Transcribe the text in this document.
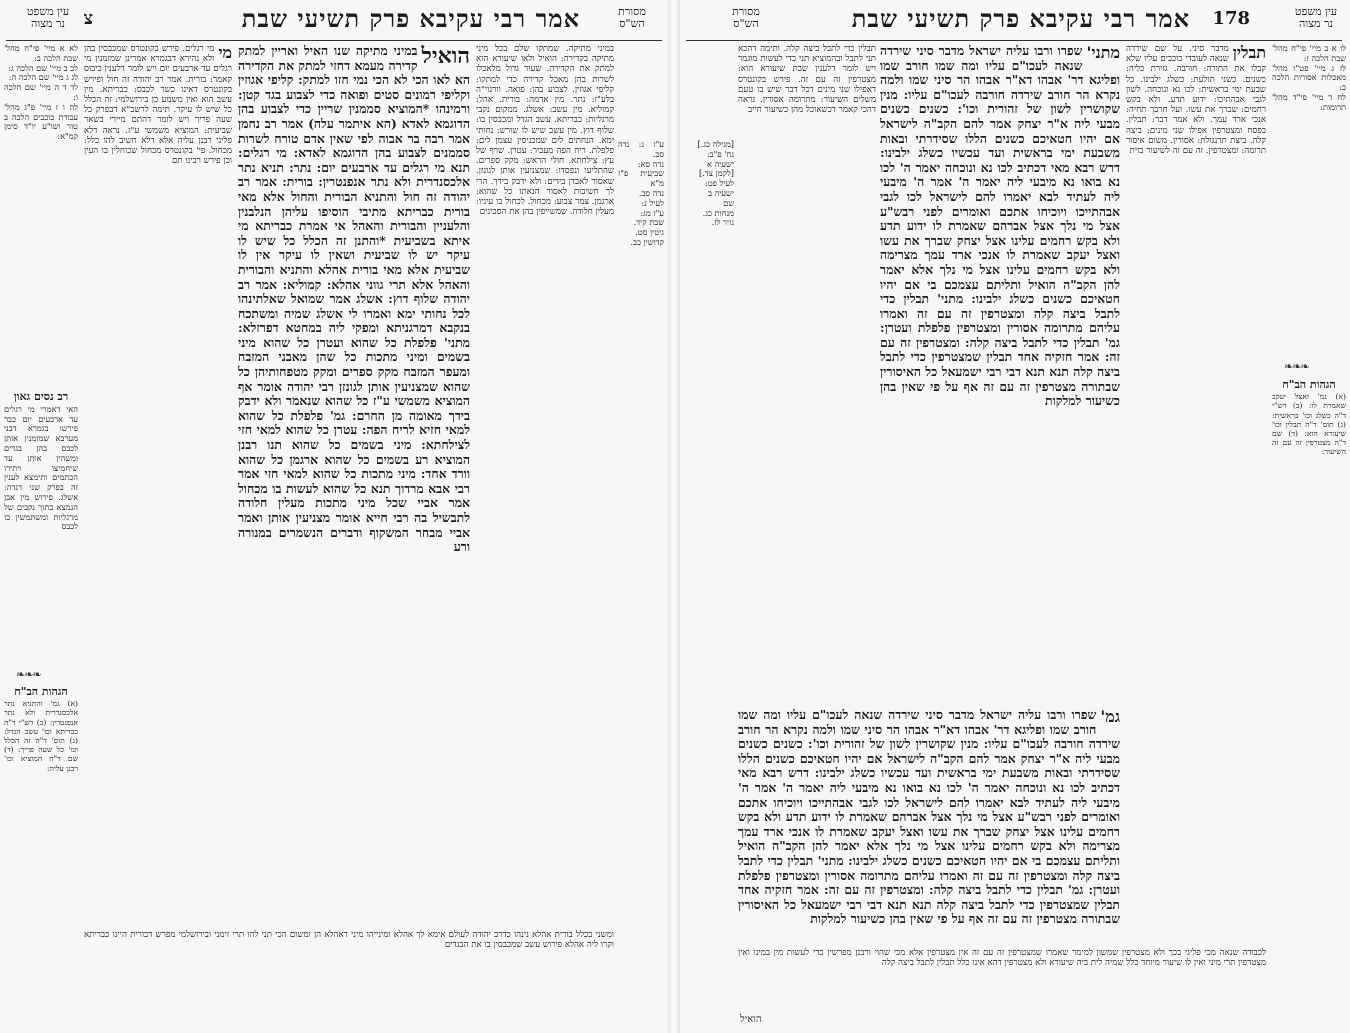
עין משפט
נר מצוה	צ	אמר רבי עקיבא פרק תשיעי שבת	מסורת
הש"ס

לא א מיי' פי"ח מהל' שבת הלכה ב:
לב ב מיי' שם הלכה ג:
לג ג מיי' שם הלכה ה:
לד ד ה מיי' שם הלכה ו:
לה ו ז מיי' פ"ג מהל' עבודת כוכבים הלכה ב טור ושו"ע יו"ד סימן קמ"א:

רב נסים גאון

האי דאמרי מי רגלים עד ארבעים יום כבר פירשו בגמרא דבני מערבא שמזמנין אותן לכבס בהן בגדים ומשהין אותן עד שיחמיצו ויתירו הכתמים ותימצא לענין זה בפרק שני דנדה: אשלג. פירוש מין אבן הנמצא בתוך נקבים של מרגליות ומשתמשין בו לכבס

❧❧❧
הגהות הב"ח

(א) גמ' והתניא נתר אלכסנדרית ולא נתר אנפנטרין: (ב) רש"י ד"ה כבריתא וכו' עשב הגדל: (ג) תוס' ד"ה זה הכלל וכו' כל שעה פריך: (ד) שם ד"ה המוציא וכו' רבנן עליה:

מי

מי רגלים. פירש בקונטרס שמכבסין בהן ולא נהירא דבגמרא אמרינן שמזמנין מי רגלים עד ארבעים יום ויש לומר דלענין כיבוס קאמר: בורית. אמר רב יהודה זה חול ופירש בקונטרס דאינו כשר לכבס: כבריתא. מין עשב הוא ואין משמע כן בירושלמי: זה הכלל כל שיש לו עיקר. תימה לרשב"א דבפרק כל שעה פריך ויש לומר דהתם מיירי בשאר שביעית: המוציא משמשי ע"ז. נראה דלא פליגי רבנן עליה אלא דלא חשיב להו כלל: מכחול. פי' בקונטרס מכחול שכוחלין בו העין וכן פירש רבינו תם

הואיל

במיני מתיקה שנו האיל ואריין למתק קדירה מעמא דחזי למתק את הקדירה הא לאו הכי לא הכי נמי חזו למתק: קליפי אגוזין וקליפי רמונים סטים ופואה כדי לצבוע בגד קטן: ורמינהו *המוציא סממנין שריין כדי לצבוע בהן הדוגמא לאדא (הא איתמר עלה) אמר רב נחמן אמר רבה בר אבוה לפי שאין אדם טורח לשרות סממנים לצבוע בהן הדוגמא לאדא: מי רגלים: תנא מי רגלים עד ארבעים יום: נתר: תניא נתר אלכסנדרית ולא נתר אנפנטרין: בורית: אמר רב יהודה זה חול והתניא הבורית והחול אלא מאי בורית כבריתא מתיבי הוסיפו עליהן הנלבנין והלעניין והבורית והאהל אי אמרת כבריתא מי איתא בשביעית *והתנן זה הכלל כל שיש לו עיקר יש לו שביעית ושאין לו עיקר אין לו שביעית אלא מאי בורית אהלא והתניא והבורית והאהל אלא תרי גווני אהלא: קמוליא: אמר רב יהודה שלוף דוץ: אשלג אמר שמואל שאלתינהו לכל נחותי ימא ואמרו לי אשלג שמיה ומשתכח בנקבא דמרגניתא ומפקי ליה במחטא דפרזלא: מתני' פלפלת כל שהוא ועטרן כל שהוא מיני בשמים ומיני מתכות כל שהן מאבני המזבח ומעפר המזבח מקק ספרים ומקק מטפחותיהן כל שהוא שמצניעין אותן לגונזן רבי יהודה אומר אף המוציא משמשי ע"ז כל שהוא שנאמר ולא ידבק בידך מאומה מן החרם: גמ' פלפלת כל שהוא למאי חזיא לריח הפה: עטרן כל שהוא למאי חזי לצילחתא: מיני בשמים כל שהוא תנו רבנן המוציא רע בשמים כל שהוא ארגמן כל שהוא וורד אחד: מיני מתכות כל שהוא למאי חזי אמר רבי אבא מרדוך תנא כל שהוא לעשות בו מכחול אמר אביי שכל מיני מתכות מעלין חלודה לתבשיל בה רבי חייא אומר מצניעין אותן ואמר אביי מבחר המשקוף ודברים הנשמרים במנורה ורע

במיני מתיקה. שמתקו שלם בכל מיני מתיקה בקדירה: הואיל ולאו שיעורא הוא למתק את הקדירה. שעור גדול מלאכלו לשרות בהן מאכל קדירה כדי למתקו: קליפי אגוזין. לצבוע בהן: פואה. וורנוי"ה בלע"ז: נתר. מין אדמה: בורית. אהל: קמוליא. מין עשב: אשלג. ממקום נקבי מרגליות: כבריתא. עשב הגדל ומכבסין בו: שלוף דוץ. מין עשב שיש לו שורש: נחותי ימא. הנחתים לים שמכניסין עצמן לים: פלפלת. ריח הפה מעביר: עטרן. שרף של עץ: צילחתא. חולי הראש: מקק ספרים. שהתליעו ונפסדו: שמצניעין אותן לגונזן. שאסור לאבדן בידים: ולא ידבק בידך. הרי לך חשיבות לאסור הנאתו כל שהוא: ארגמן. צמר צבוע: מכחול. לכחול בו עיניו: מעלין חלודה. שמשייפין בהן את הסכינים

ע"ז נ: נדה סב.
נדה סא:
שביעית פ"ז מ"א
נדה סב.
לעיל נ:
ע"ז מג:
שבת קיד.
גיטין סט.
קדושין כב.

ומשני בכלל בורית אהלא נינהו כדרב יהודה לעולם אימא לך אהלא ומינייהו מיני דאהלא הן ומשום הכי תני להו תרי זימני ובירושלמי מפרש דבורית היינו כבריתא וקרו ליה אהלא פירוש עשב שמכבסין בו את הבגדים

מסורת
הש"ס	אמר רבי עקיבא פרק תשיעי שבת 178	עין משפט
נר מצוה

[מגילה כג.]
נח' פ"ב:
ישעיה א
[לקמן צד.]
לעיל פט:
ישעיה ב
שם
מנחות כג.
נזיר לז.

תבלין כדי לתבל ביצה קלה. ותימה דהכא תני לתבל ובהמוציא תני כדי לעשות מוגמר ויש לומר דלענין שבת שיעורא הוא: מצטרפין זה עם זה. פירש בקונטרס דאפילו שני מינים דכל דבר שיש בו טעם משלים השיעור: מתרומה אסורין. נראה דהכי קאמר דכשאוכל מהן כשיעור חייב

מתני'

שפרו ורבו עליה ישראל מדבר סיני שירדה שנאה לעכו"ם עליו ומה שמו חורב שמו ופליגא דר' אבהו דא"ר אבהו הר סיני שמו ולמה נקרא הר חורב שירדה חורבה לעכו"ם עליו: מנין שקושרין לשון של זהורית וכו': כשנים כשנים מבעי ליה א"ר יצחק אמר להם הקב"ה לישראל אם יהיו חטאיכם כשנים הללו שסידרתי ובאות משבעת ימי בראשית ועד עכשיו כשלג ילבינו: דרש רבא מאי דכתיב לכו נא ונוכחה יאמר ה' לכו נא בואו נא מיבעי ליה יאמר ה' אמר ה' מיבעי ליה לעתיד לבא יאמרו להם לישראל לכו לגבי אבהתייכו ויוכיחו אתכם ואומרים לפני רבש"ע אצל מי נלך אצל אברהם שאמרת לו ידוע תדע ולא בקש רחמים עלינו אצל יצחק שברך את עשו ואצל יעקב שאמרת לו אנכי ארד עמך מצרימה ולא בקש רחמים עלינו אצל מי נלך אלא יאמר להן הקב"ה הואיל ותליתם עצמכם בי אם יהיו חטאיכם כשנים כשלג ילבינו: מתני' תבלין כדי לתבל ביצה קלה ומצטרפין זה עם זה ואמרו עליהם מתרומה אסורין ומצטרפין פלפלת ועטרן: גמ' תבלין כדי לתבל ביצה קלה: ומצטרפין זה עם זה: אמר חזקיה אחד תבלין שמצטרפין כדי לתבל ביצה קלה תנא תנא דבי רבי ישמעאל כל האיסורין שבתורה מצטרפין זה עם זה אף על פי שאין בהן כשיעור למלקות

תבלין

מדבר סיני. על שם שירדה שנאה לעובדי כוכבים עליו שלא קבלו את התורה: חורבה. גזירת כליה: כשנים. כשני תולעת: כשלג ילבינו. כל שבעת ימי בראשית: לכו נא ונוכחה. לשון לגבי אבהתיכו: ידוע תדע. ולא בקש רחמים: שברך את עשו. ועל חרבך תחיה: אנכי ארד עמך. ולא אמר דבר: תבלין. בפסח ומצטרפין אפילו שני מינים: ביצה קלה. ביצת תרנגולת: אסורין. משום איסור תרומה: ומצטרפין. זה עם זה לשיעור כזית

לו א ב מיי' פי"ח מהל' שבת הלכה ז:
לז ג מיי' פט"ו מהל' מאכלות אסורות הלכה ב:
לח ד מיי' פי"ד מהל' תרומות:

❧❧❧
הגהות הב"ח

(א) גמ' ואצל יעקב שאמרת לו: (ב) רש"י ד"ה כשלג וכו' בראשית: (ג) תוס' ד"ה תבלין וכו' שיעורא הוא: (ד) שם ד"ה מצטרפין זה עם זה השיעור:

גמ'

שפרו ורבו עליה ישראל מדבר סיני שירדה שנאה לעכו"ם עליו ומה שמו חורב שמו ופליגא דר' אבהו דא"ר אבהו הר סיני שמו ולמה נקרא הר חורב שירדה חורבה לעכו"ם עליו: מנין שקושרין לשון של זהורית וכו': כשנים כשנים מבעי ליה א"ר יצחק אמר להם הקב"ה לישראל אם יהיו חטאיכם כשנים הללו שסידרתי ובאות משבעת ימי בראשית ועד עכשיו כשלג ילבינו: דרש רבא מאי דכתיב לכו נא ונוכחה יאמר ה' לכו נא בואו נא מיבעי ליה יאמר ה' אמר ה' מיבעי ליה לעתיד לבא יאמרו להם לישראל לכו לגבי אבהתייכו ויוכיחו אתכם ואומרים לפני רבש"ע אצל מי נלך אצל אברהם שאמרת לו ידוע תדע ולא בקש רחמים עלינו אצל יצחק שברך את עשו ואצל יעקב שאמרת לו אנכי ארד עמך מצרימה ולא בקש רחמים עלינו אצל מי נלך אלא יאמר להן הקב"ה הואיל ותליתם עצמכם בי אם יהיו חטאיכם כשנים כשלג ילבינו: מתני' תבלין כדי לתבל ביצה קלה ומצטרפין זה עם זה ואמרו עליהם מתרומה אסורין ומצטרפין פלפלת ועטרן: גמ' תבלין כדי לתבל ביצה קלה: ומצטרפין זה עם זה: אמר חזקיה אחד תבלין שמצטרפין כדי לתבל ביצה קלה תנא תנא דבי רבי ישמעאל כל האיסורין שבתורה מצטרפין זה עם זה אף על פי שאין בהן כשיעור למלקות

לכבודה שנאה מכי פליגי בכך ולא מצטרפין שמשון למימר שאמרו שמצטרפין זה עם זה אין מצטרפין אלא מכי שהוי ורבנן מפרשין כדי לעשות מין במינו ואין מצטרפין תרי מיני ואין לו שיעור מיוחד כלל שמיה לית ביה שיעורא ולא מצטרפין דהא אינו כלל תבלין לתבל ביצה קלה

הואיל
